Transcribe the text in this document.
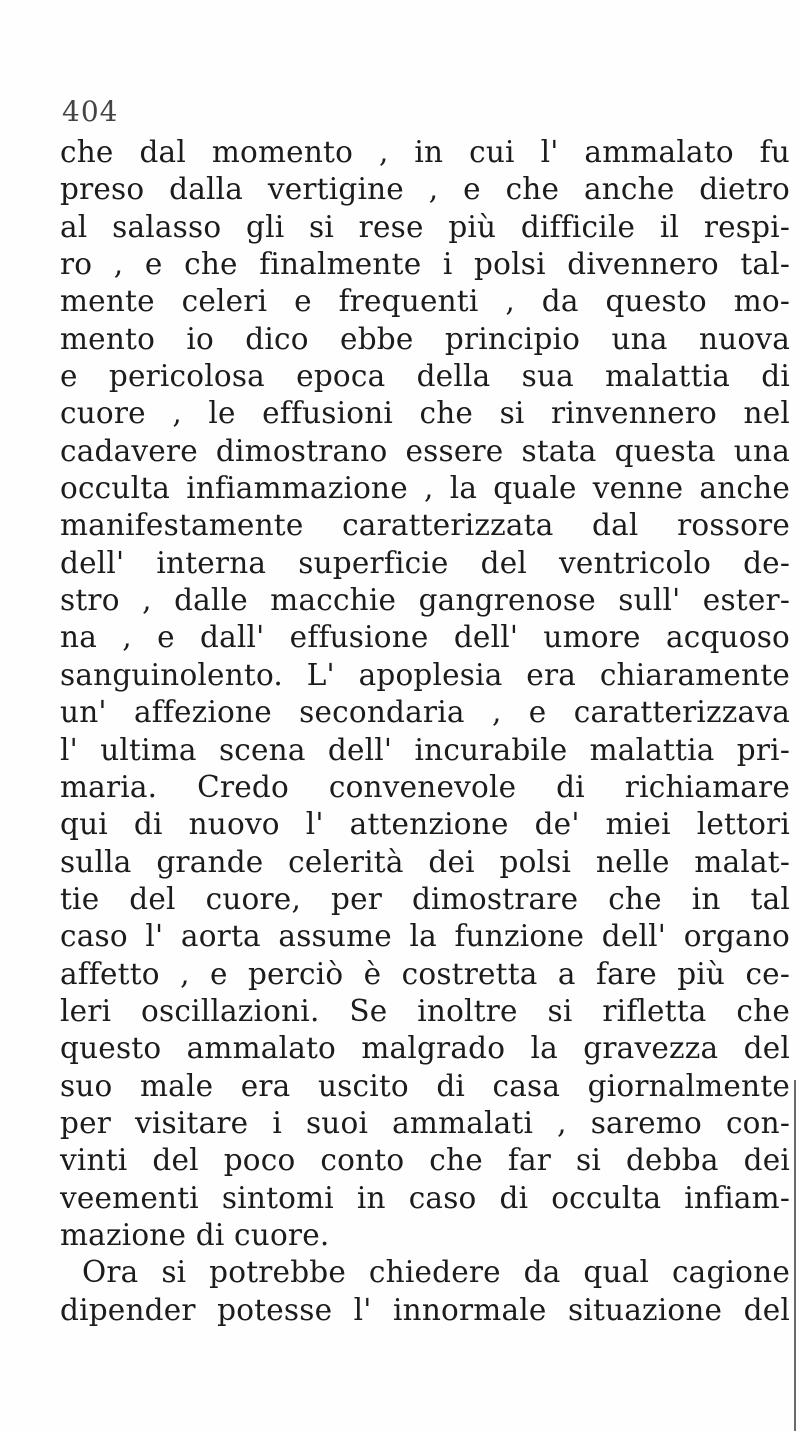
404
che dal momento , in cui l' ammalato fu
preso dalla vertigine , e che anche dietro
al salasso gli si rese più difficile il respi-
ro , e che finalmente i polsi divennero tal-
mente celeri e frequenti , da questo mo-
mento io dico ebbe principio una nuova
e pericolosa epoca della sua malattia di
cuore , le effusioni che si rinvennero nel
cadavere dimostrano essere stata questa una
occulta infiammazione , la quale venne anche
manifestamente caratterizzata dal rossore
dell' interna superficie del ventricolo de-
stro , dalle macchie gangrenose sull' ester-
na , e dall' effusione dell' umore acquoso
sanguinolento. L' apoplesia era chiaramente
un' affezione secondaria , e caratterizzava
l' ultima scena dell' incurabile malattia pri-
maria. Credo convenevole di richiamare
qui di nuovo l' attenzione de' miei lettori
sulla grande celerità dei polsi nelle malat-
tie del cuore, per dimostrare che in tal
caso l' aorta assume la funzione dell' organo
affetto , e perciò è costretta a fare più ce-
leri oscillazioni. Se inoltre si rifletta che
questo ammalato malgrado la gravezza del
suo male era uscito di casa giornalmente
per visitare i suoi ammalati , saremo con-
vinti del poco conto che far si debba dei
veementi sintomi in caso di occulta infiam-
mazione di cuore.
Ora si potrebbe chiedere da qual cagione
dipender potesse l' innormale situazione del
